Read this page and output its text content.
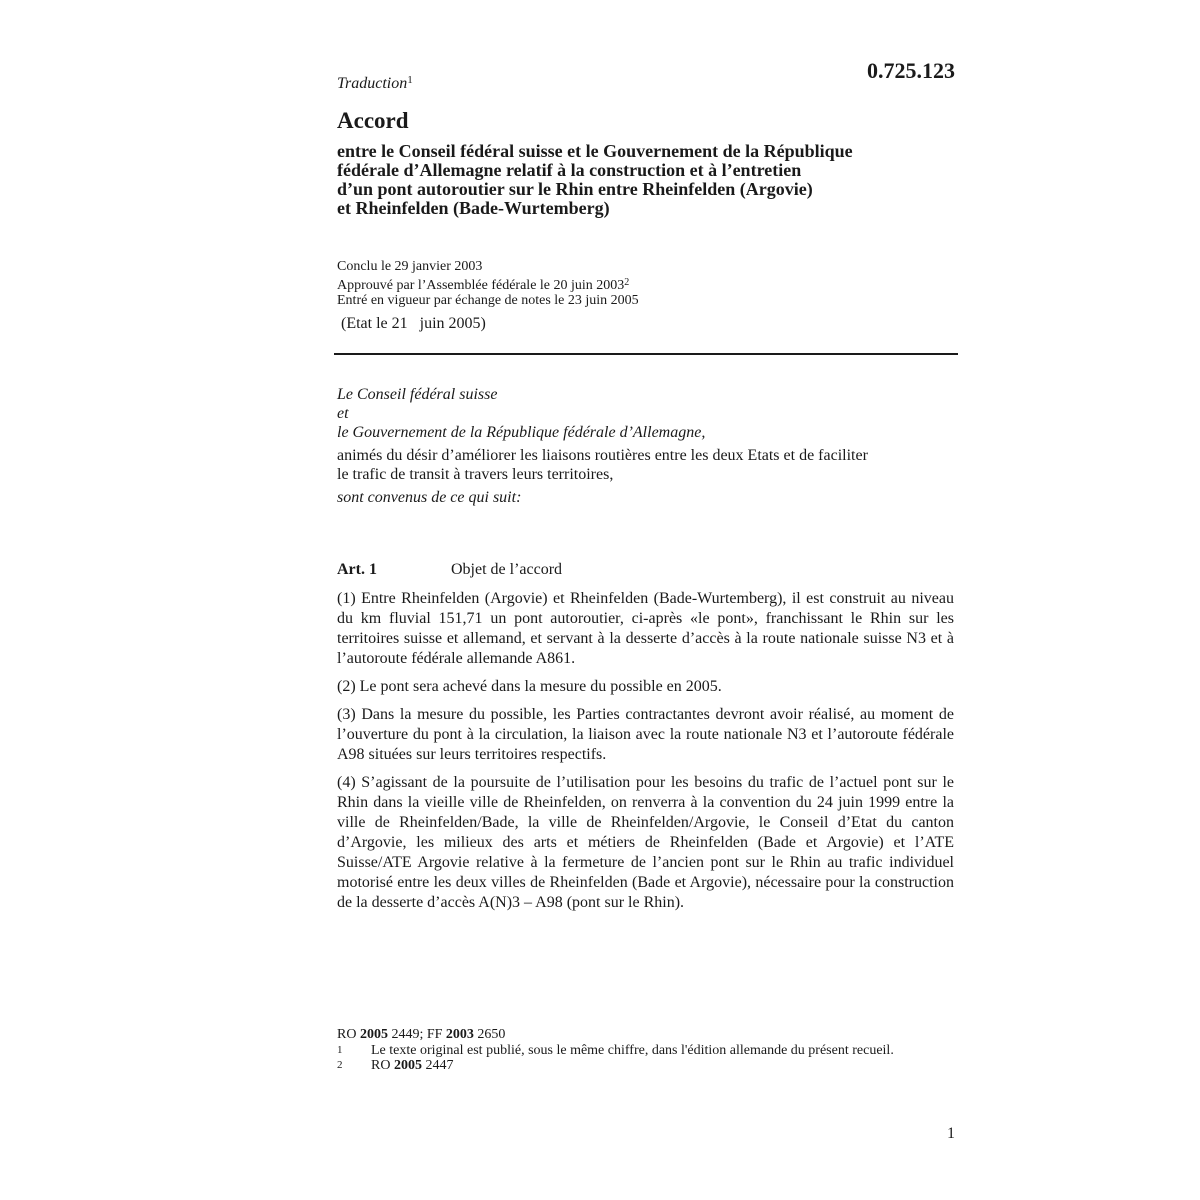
0.725.123
Traduction$^1$
Accord
entre le Conseil fédéral suisse et le Gouvernement de la République
fédérale d’Allemagne relatif à la construction et à l’entretien
d’un pont autoroutier sur le Rhin entre Rheinfelden (Argovie)
et Rheinfelden (Bade-Wurtemberg)
Conclu le 29 janvier 2003
Approuvé par l’Assemblée fédérale le 20 juin 2003$^2$
Entré en vigueur par échange de notes le 23 juin 2005
(Etat le 21   juin 2005)
Le Conseil fédéral suisse
et
le Gouvernement de la République fédérale d’Allemagne,
animés du désir d’améliorer les liaisons routières entre les deux Etats et de faciliter
le trafic de transit à travers leurs territoires,
sont convenus de ce qui suit:
Art. 1	Objet de l’accord

(1) Entre Rheinfelden (Argovie) et Rheinfelden (Bade-Wurtemberg), il est construit au niveau du km fluvial 151,71 un pont autoroutier, ci-après «le pont», franchissant le Rhin sur les territoires suisse et allemand, et servant à la desserte d’accès à la route nationale suisse N3 et à l’autoroute fédérale allemande A861.

(2) Le pont sera achevé dans la mesure du possible en 2005.

(3) Dans la mesure du possible, les Parties contractantes devront avoir réalisé, au moment de l’ouverture du pont à la circulation, la liaison avec la route nationale N3 et l’autoroute fédérale A98 situées sur leurs territoires respectifs.

(4) S’agissant de la poursuite de l’utilisation pour les besoins du trafic de l’actuel pont sur le Rhin dans la vieille ville de Rheinfelden, on renverra à la convention du 24 juin 1999 entre la ville de Rheinfelden/Bade, la ville de Rheinfelden/Argovie, le Conseil d’Etat du canton d’Argovie, les milieux des arts et métiers de Rheinfelden (Bade et Argovie) et l’ATE Suisse/ATE Argovie relative à la fermeture de l’ancien pont sur le Rhin au trafic individuel motorisé entre les deux villes de Rheinfelden (Bade et Argovie), nécessaire pour la construction de la desserte d’accès A(N)3 – A98 (pont sur le Rhin).

RO 2005 2449; FF 2003 2650
1	Le texte original est publié, sous le même chiffre, dans l'édition allemande du présent recueil.
2	RO 2005 2447
1
